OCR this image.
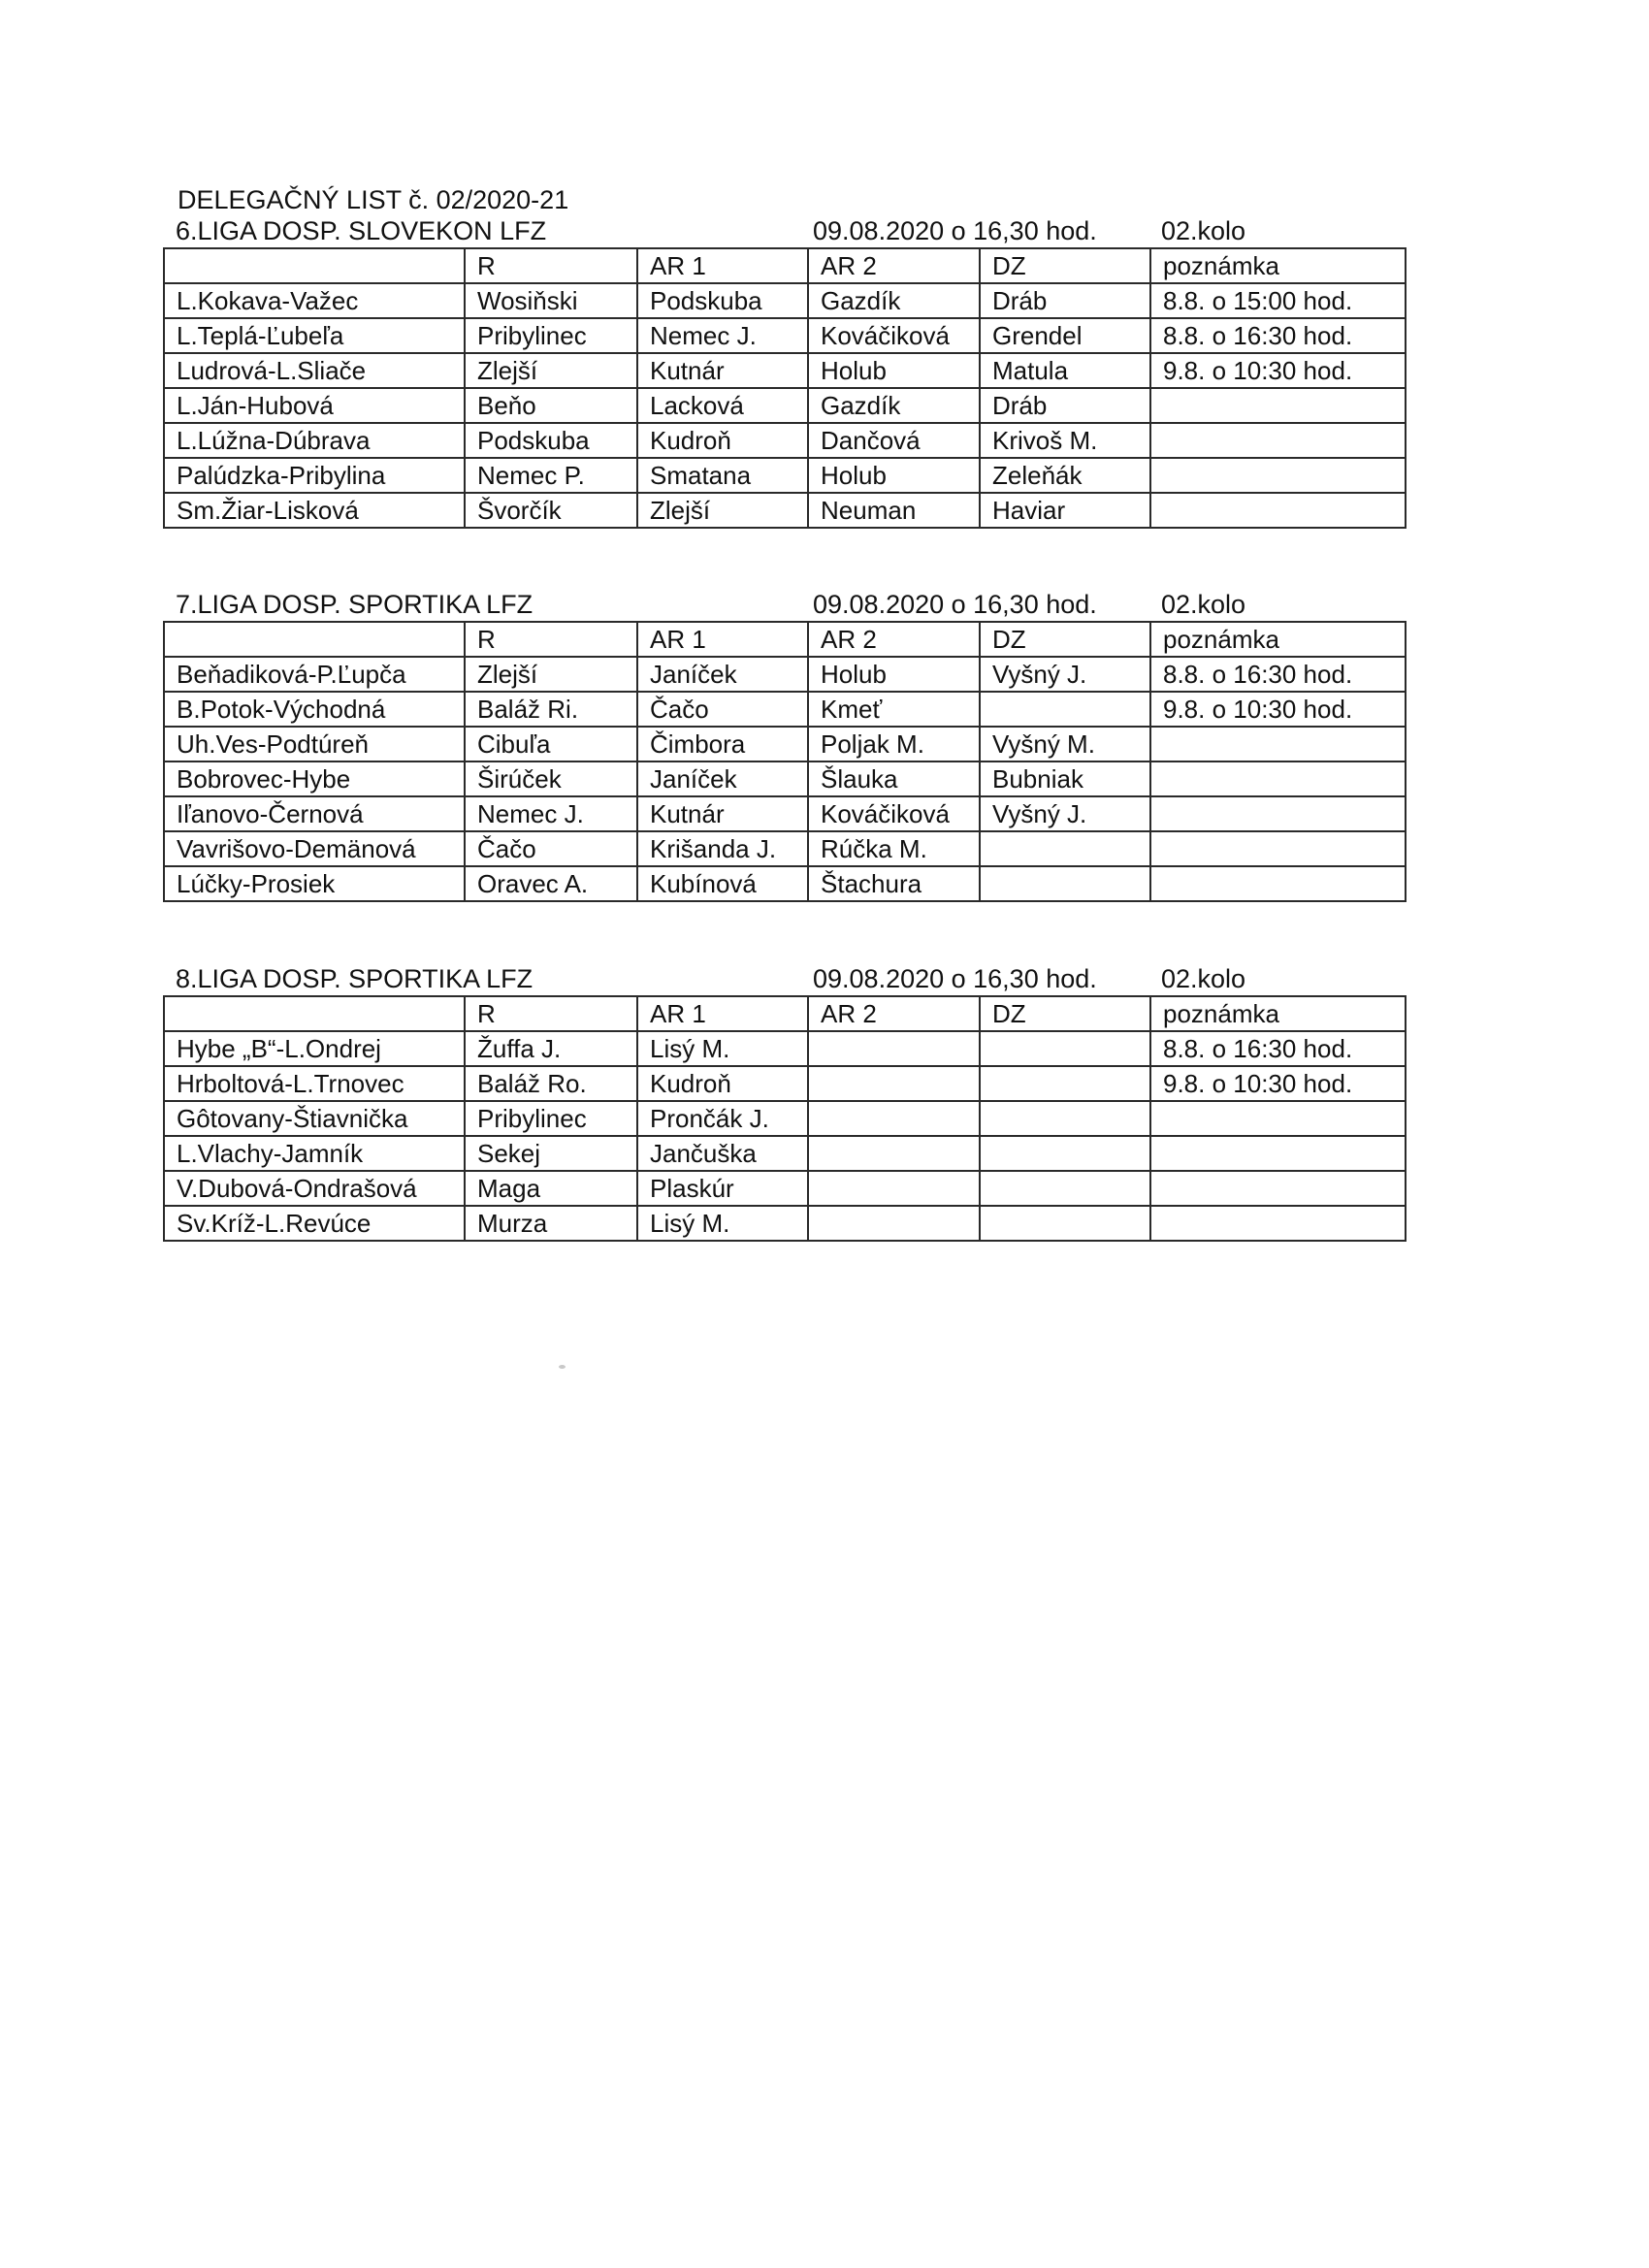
DELEGAČNÝ LIST č. 02/2020-21
6.LIGA DOSP. SLOVEKON LFZ	09.08.2020 o 16,30 hod. 02.kolo
	R	AR 1	AR 2	DZ	poznámka
L.Kokava-Važec	Wosiňski	Podskuba	Gazdík	Dráb	8.8. o 15:00 hod.
L.Teplá-Ľubeľa	Pribylinec	Nemec J.	Kováčiková	Grendel	8.8. o 16:30 hod.
Ludrová-L.Sliače	Zlejší	Kutnár	Holub	Matula	9.8. o 10:30 hod.
L.Ján-Hubová	Beňo	Lacková	Gazdík	Dráb	
L.Lúžna-Dúbrava	Podskuba	Kudroň	Dančová	Krivoš M.	
Palúdzka-Pribylina	Nemec P.	Smatana	Holub	Zeleňák	
Sm.Žiar-Lisková	Švorčík	Zlejší	Neuman	Haviar	
7.LIGA DOSP. SPORTIKA LFZ	09.08.2020 o 16,30 hod. 02.kolo
	R	AR 1	AR 2	DZ	poznámka
Beňadiková-P.Ľupča	Zlejší	Janíček	Holub	Vyšný J.	8.8. o 16:30 hod.
B.Potok-Východná	Baláž Ri.	Čačo	Kmeť		9.8. o 10:30 hod.
Uh.Ves-Podtúreň	Cibuľa	Čimbora	Poljak M.	Vyšný M.	
Bobrovec-Hybe	Širúček	Janíček	Šlauka	Bubniak	
Iľanovo-Černová	Nemec J.	Kutnár	Kováčiková	Vyšný J.	
Vavrišovo-Demänová	Čačo	Krišanda J.	Rúčka M.		
Lúčky-Prosiek	Oravec A.	Kubínová	Štachura		
8.LIGA DOSP. SPORTIKA LFZ	09.08.2020 o 16,30 hod. 02.kolo
	R	AR 1	AR 2	DZ	poznámka
Hybe „B“-L.Ondrej	Žuffa J.	Lisý M.			8.8. o 16:30 hod.
Hrboltová-L.Trnovec	Baláž Ro.	Kudroň			9.8. o 10:30 hod.
Gôtovany-Štiavnička	Pribylinec	Prončák J.			
L.Vlachy-Jamník	Sekej	Jančuška			
V.Dubová-Ondrašová	Maga	Plaskúr			
Sv.Kríž-L.Revúce	Murza	Lisý M.			
